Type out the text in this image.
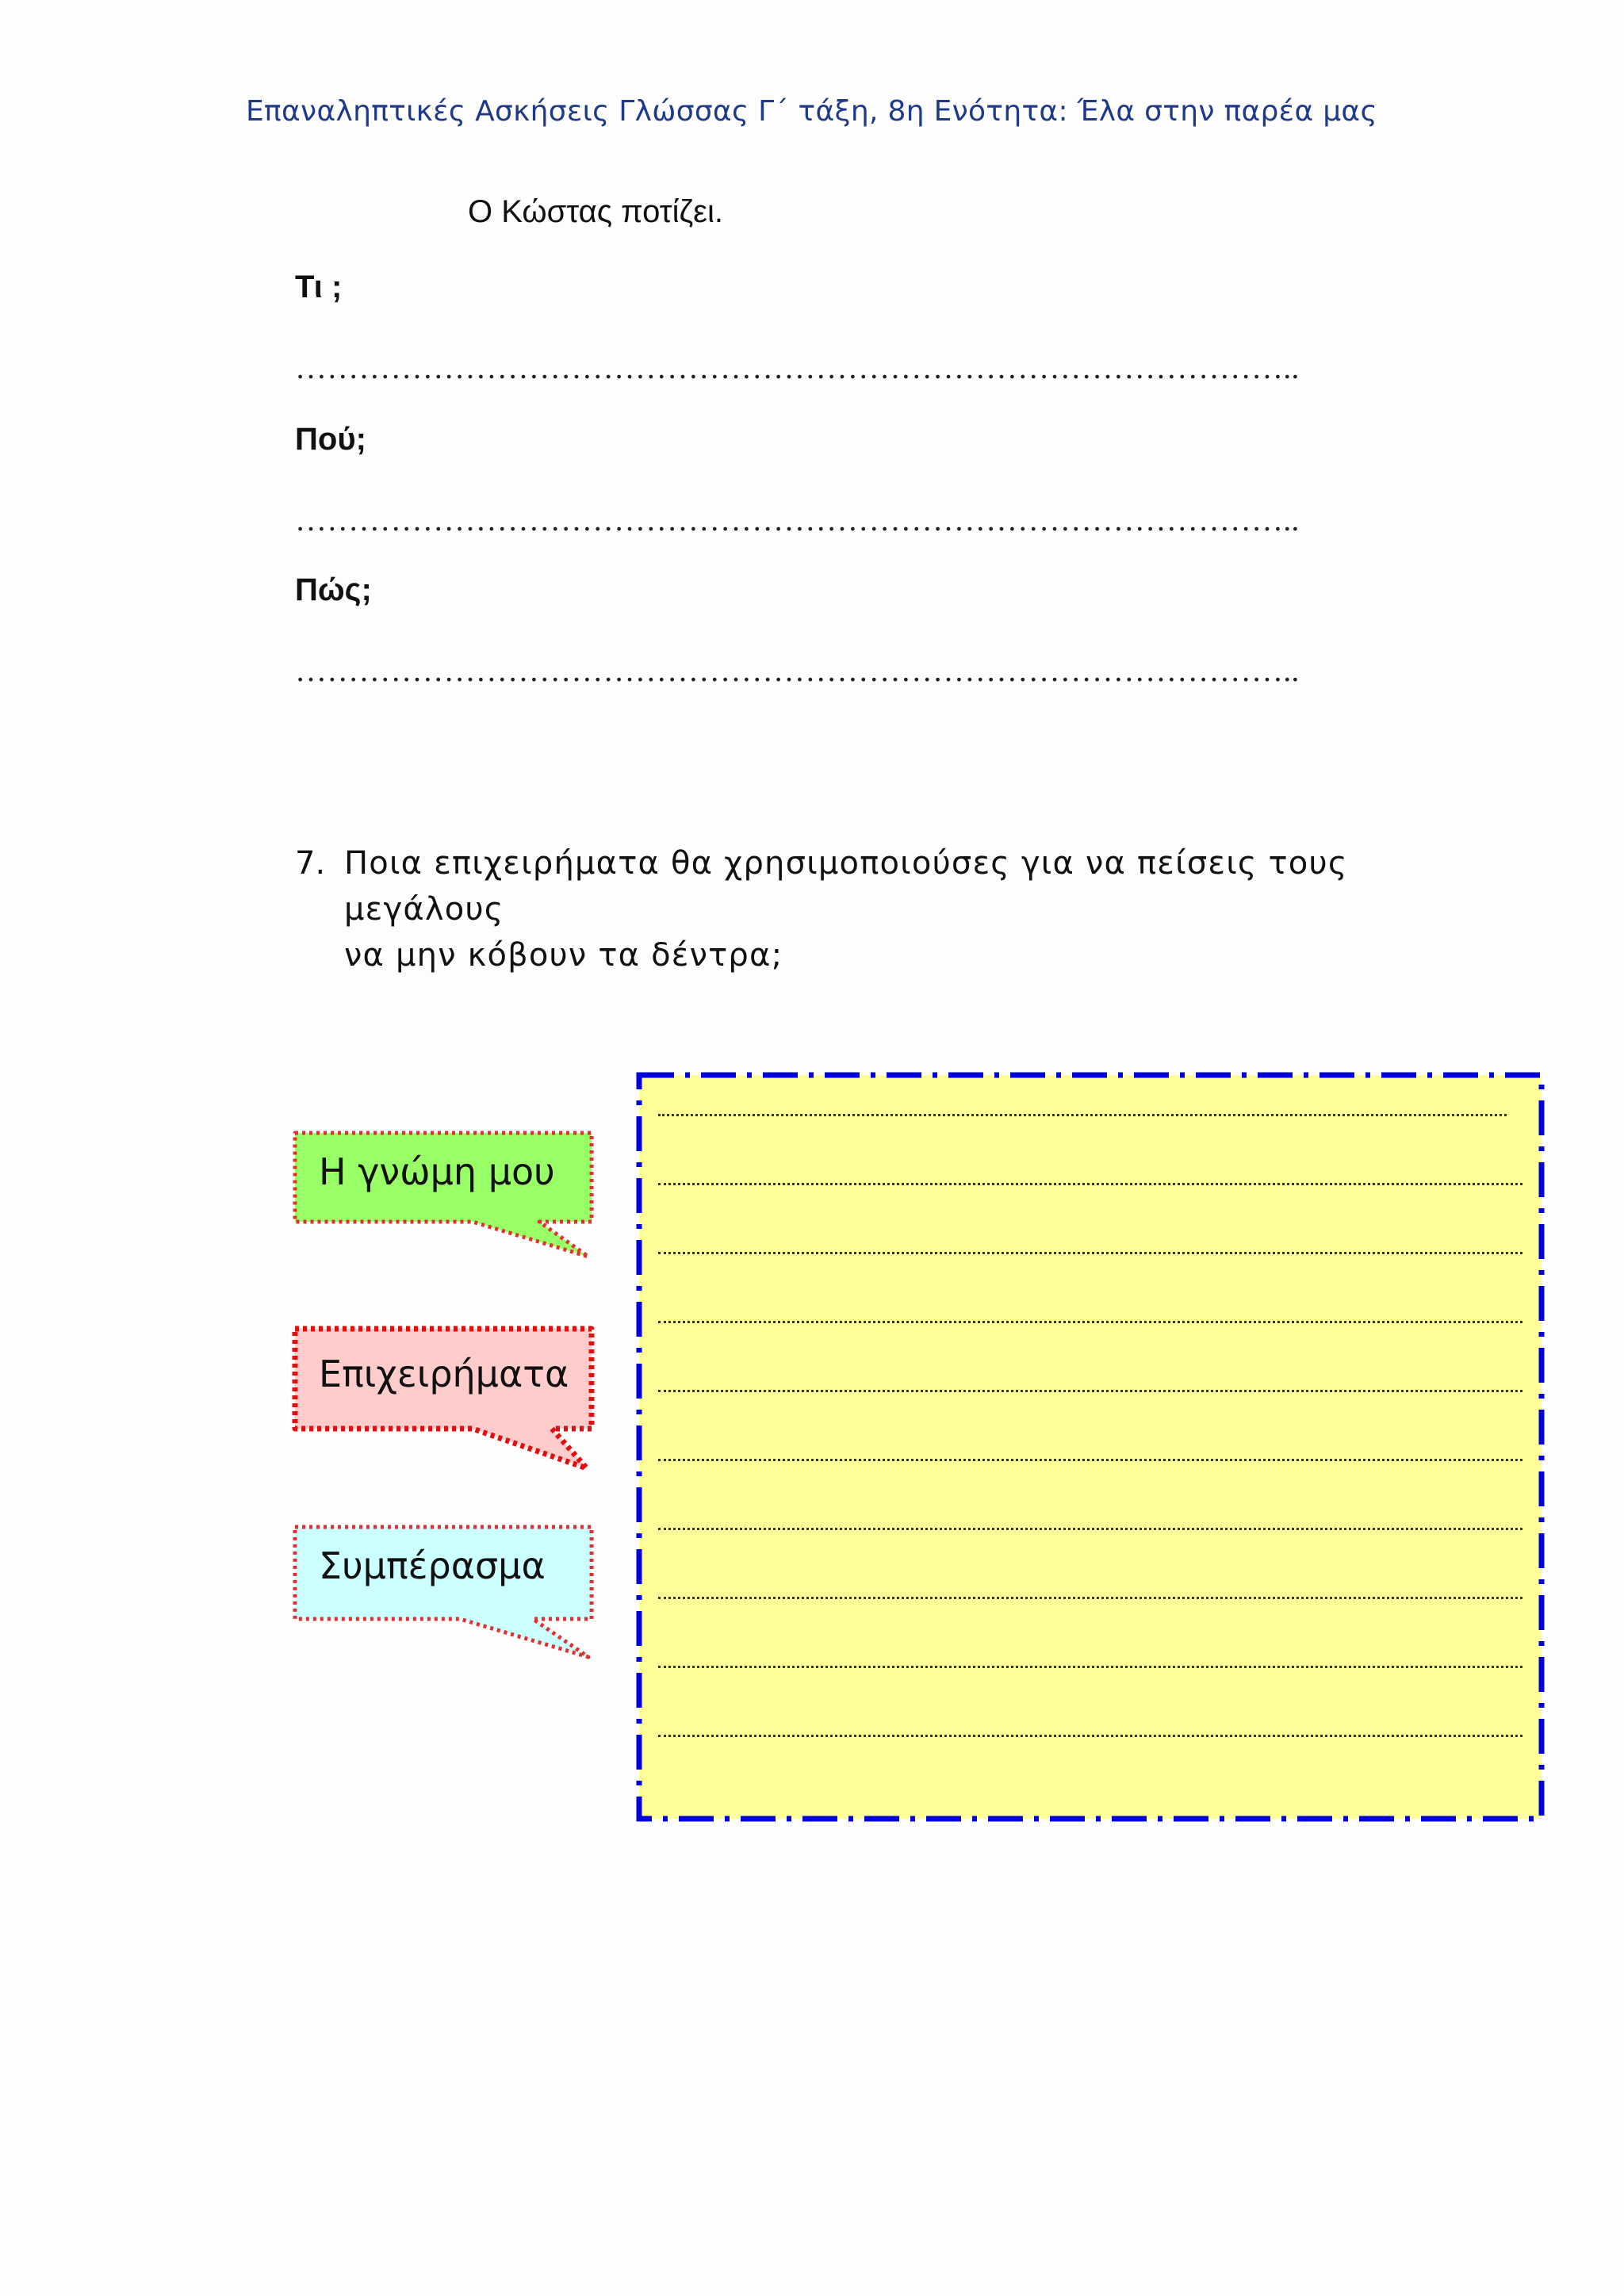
Επαναληπτικές Ασκήσεις Γλώσσας Γ΄ τάξη, 8η Ενότητα: Έλα στην παρέα μας
Ο Κώστας ποτίζει.
Τι ;
…………………………………………………………………………………..
Πού;
…………………………………………………………………………………..
Πώς;
…………………………………………………………………………………..
7. Ποια επιχειρήματα θα χρησιμοποιούσες για να πείσεις τους μεγάλους
να μην κόβουν τα δέντρα;
Η γνώμη μου
Επιχειρήματα
Συμπέρασμα
